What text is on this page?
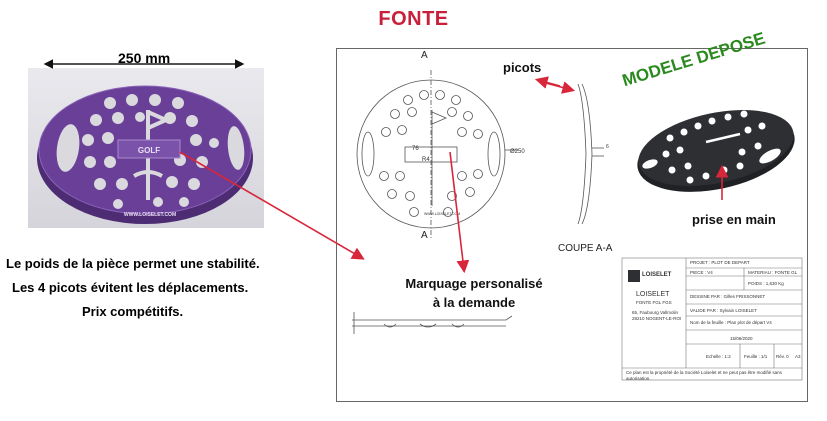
FONTE
250 mm
GOLF
WWW.LOISELET.COM
A
A
76
R4
Ø250
WWW.LOISELET.COM
6
picots	MODELE DEPOSE
prise en main
Marquage personalisé
à la demande
COUPE A-A
Le poids de la pièce permet une stabilité.
Les 4 picots évitent les déplacements.
Prix compétitifs.
LOISELET
LOISELET
FONTE FGL FGS
65, Faubourg Vallmolin
28210 NOGENT-LE-ROI
PROJET : PLOT DE DEPART
PIECE : V4	MATERIAU : FONTE GL
POIDS : 1,630 Kg
DESSINE PAR : Gilles FRISSONNET
VALIDE PAR : Sylvain LOISELET
Nom de la feuille : Plan plot de départ V4
15/06/2020
Echelle : 1:2	Feuille : 1/1 Rév. 0 A3
Ce plan est la propriété de la Société Loiselet et ne peut pas être modifié sans autorisation.
